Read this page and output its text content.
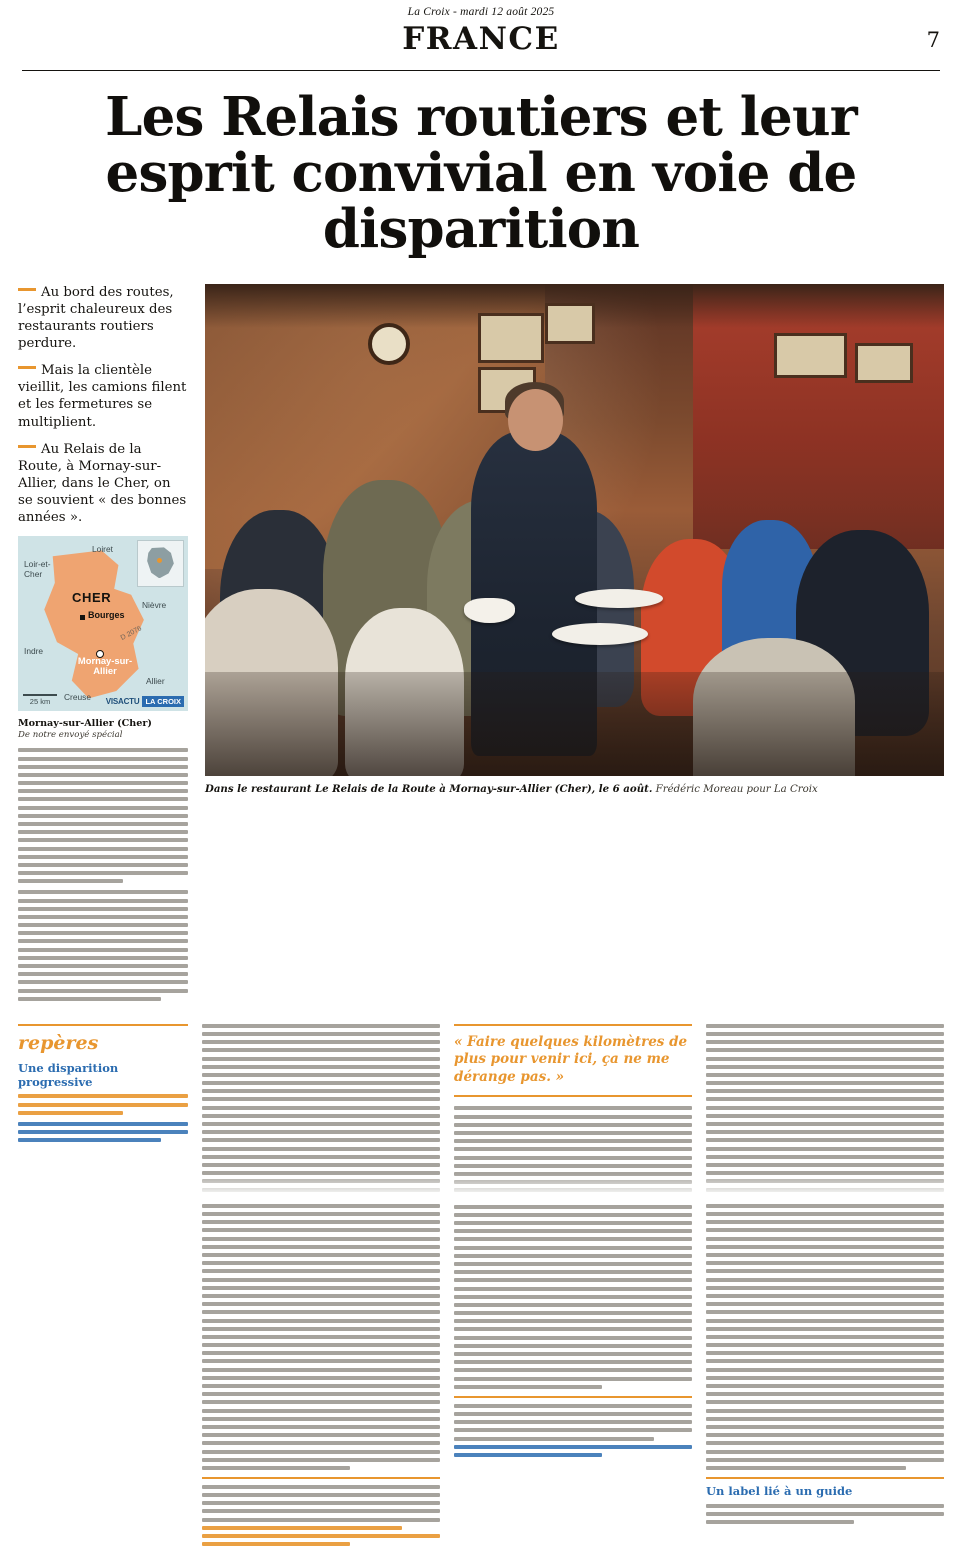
La Croix - mardi 12 août 2025
FRANCE	7
Les Relais routiers et leur esprit convivial en voie de disparition
Au bord des routes, l’esprit chaleureux des restaurants routiers perdure.
Mais la clientèle vieillit, les camions filent et les fermetures se multiplient.
Au Relais de la Route, à Mornay-sur-Allier, dans le Cher, on se souvient « des bonnes années ».
Loiret
Loir-et-Cher
Nièvre
Indre
Allier
Creuse
CHER
Bourges
D 2076
Mornay-sur-Allier
25 km	VISACTU LA CROIX
Mornay-sur-Allier (Cher)
De notre envoyé spécial
Dans le restaurant Le Relais de la Route à Mornay-sur-Allier (Cher), le 6 août. Frédéric Moreau pour La Croix
repères
Une disparition progressive
« Faire quelques kilomètres de plus pour venir ici, ça ne me dérange pas. »
Un label lié à un guide
